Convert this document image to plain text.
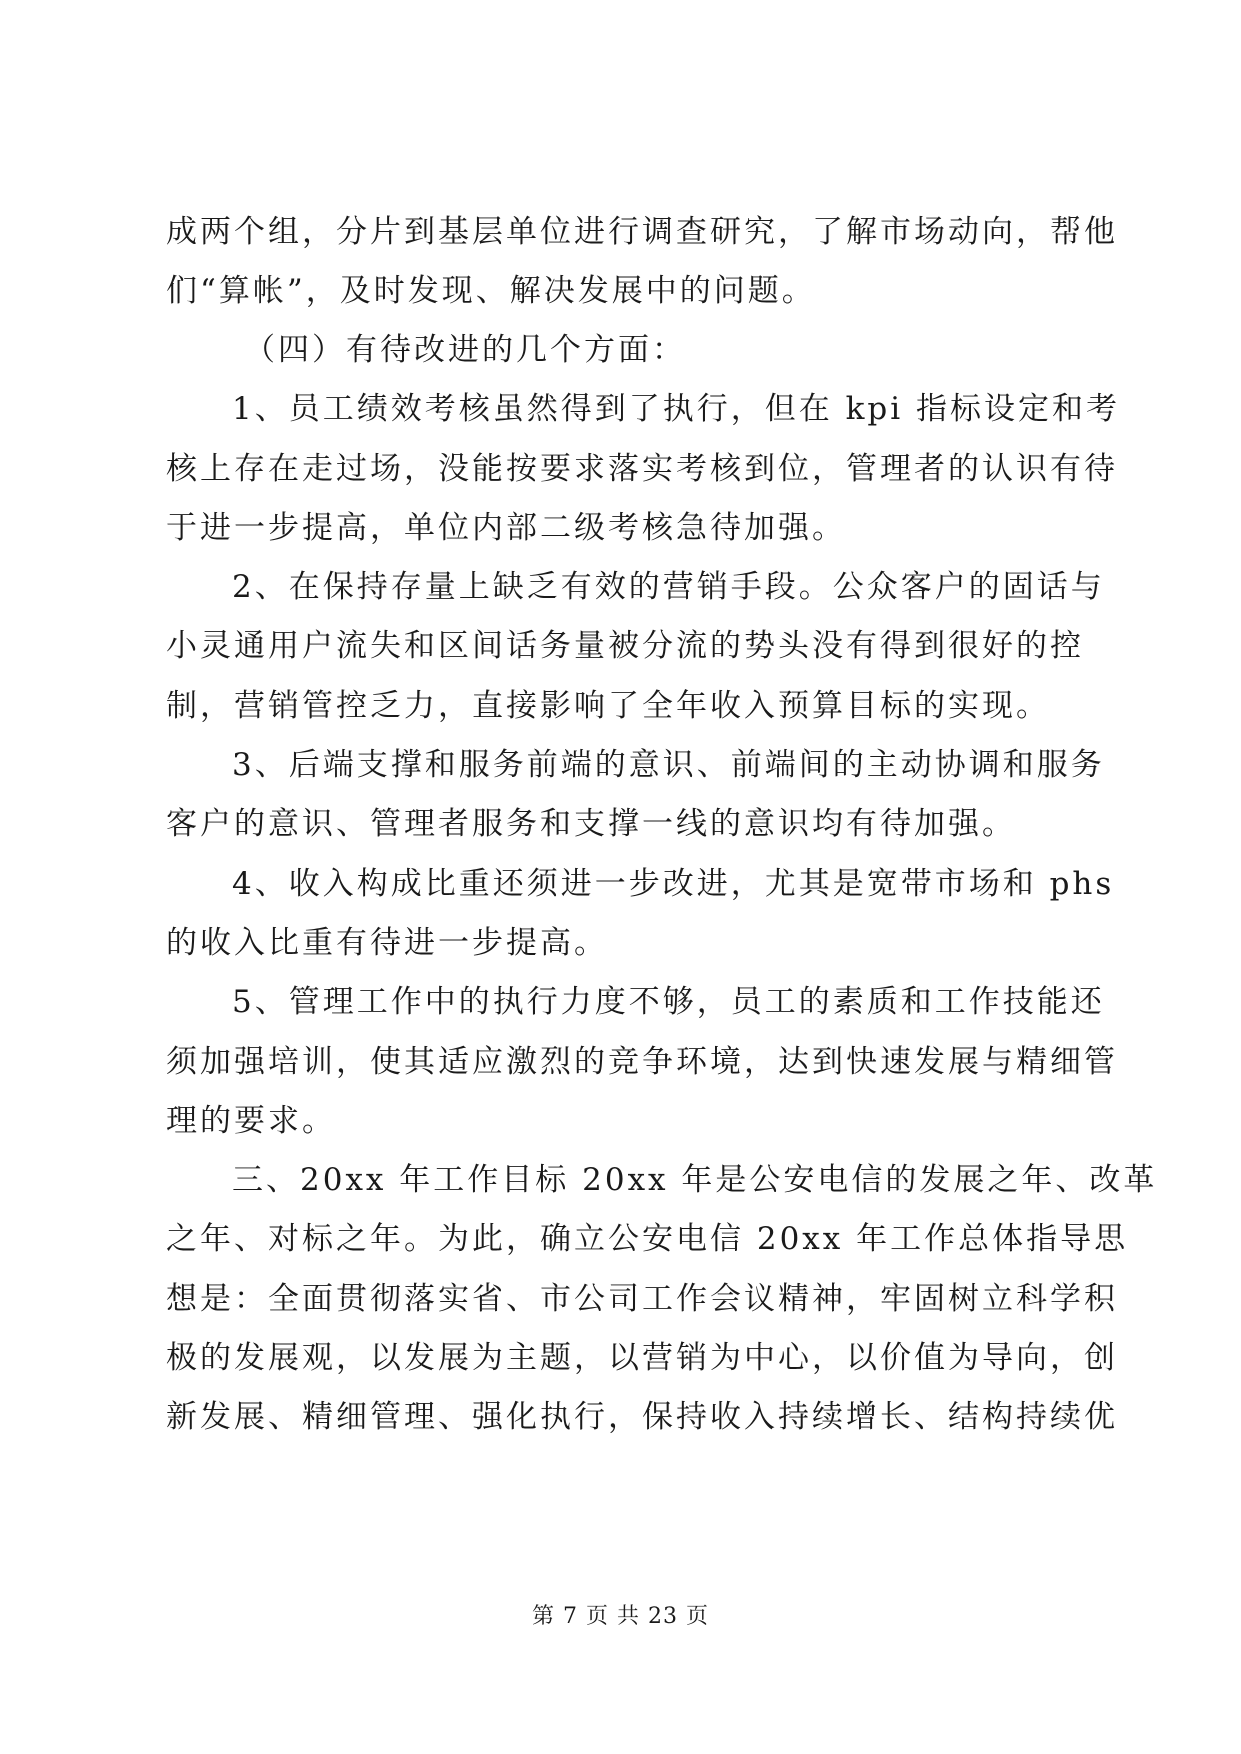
成两个组，分片到基层单位进行调查研究，了解市场动向，帮他
们“算帐”，及时发现、解决发展中的问题。
（四）有待改进的几个方面：
1、员工绩效考核虽然得到了执行，但在 kpi 指标设定和考
核上存在走过场，没能按要求落实考核到位，管理者的认识有待
于进一步提高，单位内部二级考核急待加强。
2、在保持存量上缺乏有效的营销手段。公众客户的固话与
小灵通用户流失和区间话务量被分流的势头没有得到很好的控
制，营销管控乏力，直接影响了全年收入预算目标的实现。
3、后端支撑和服务前端的意识、前端间的主动协调和服务
客户的意识、管理者服务和支撑一线的意识均有待加强。
4、收入构成比重还须进一步改进，尤其是宽带市场和 phs
的收入比重有待进一步提高。
5、管理工作中的执行力度不够，员工的素质和工作技能还
须加强培训，使其适应激烈的竞争环境，达到快速发展与精细管
理的要求。
三、20xx 年工作目标 20xx 年是公安电信的发展之年、改革
之年、对标之年。为此，确立公安电信 20xx 年工作总体指导思
想是：全面贯彻落实省、市公司工作会议精神，牢固树立科学积
极的发展观，以发展为主题，以营销为中心，以价值为导向，创
新发展、精细管理、强化执行，保持收入持续增长、结构持续优
第 7 页 共 23 页
